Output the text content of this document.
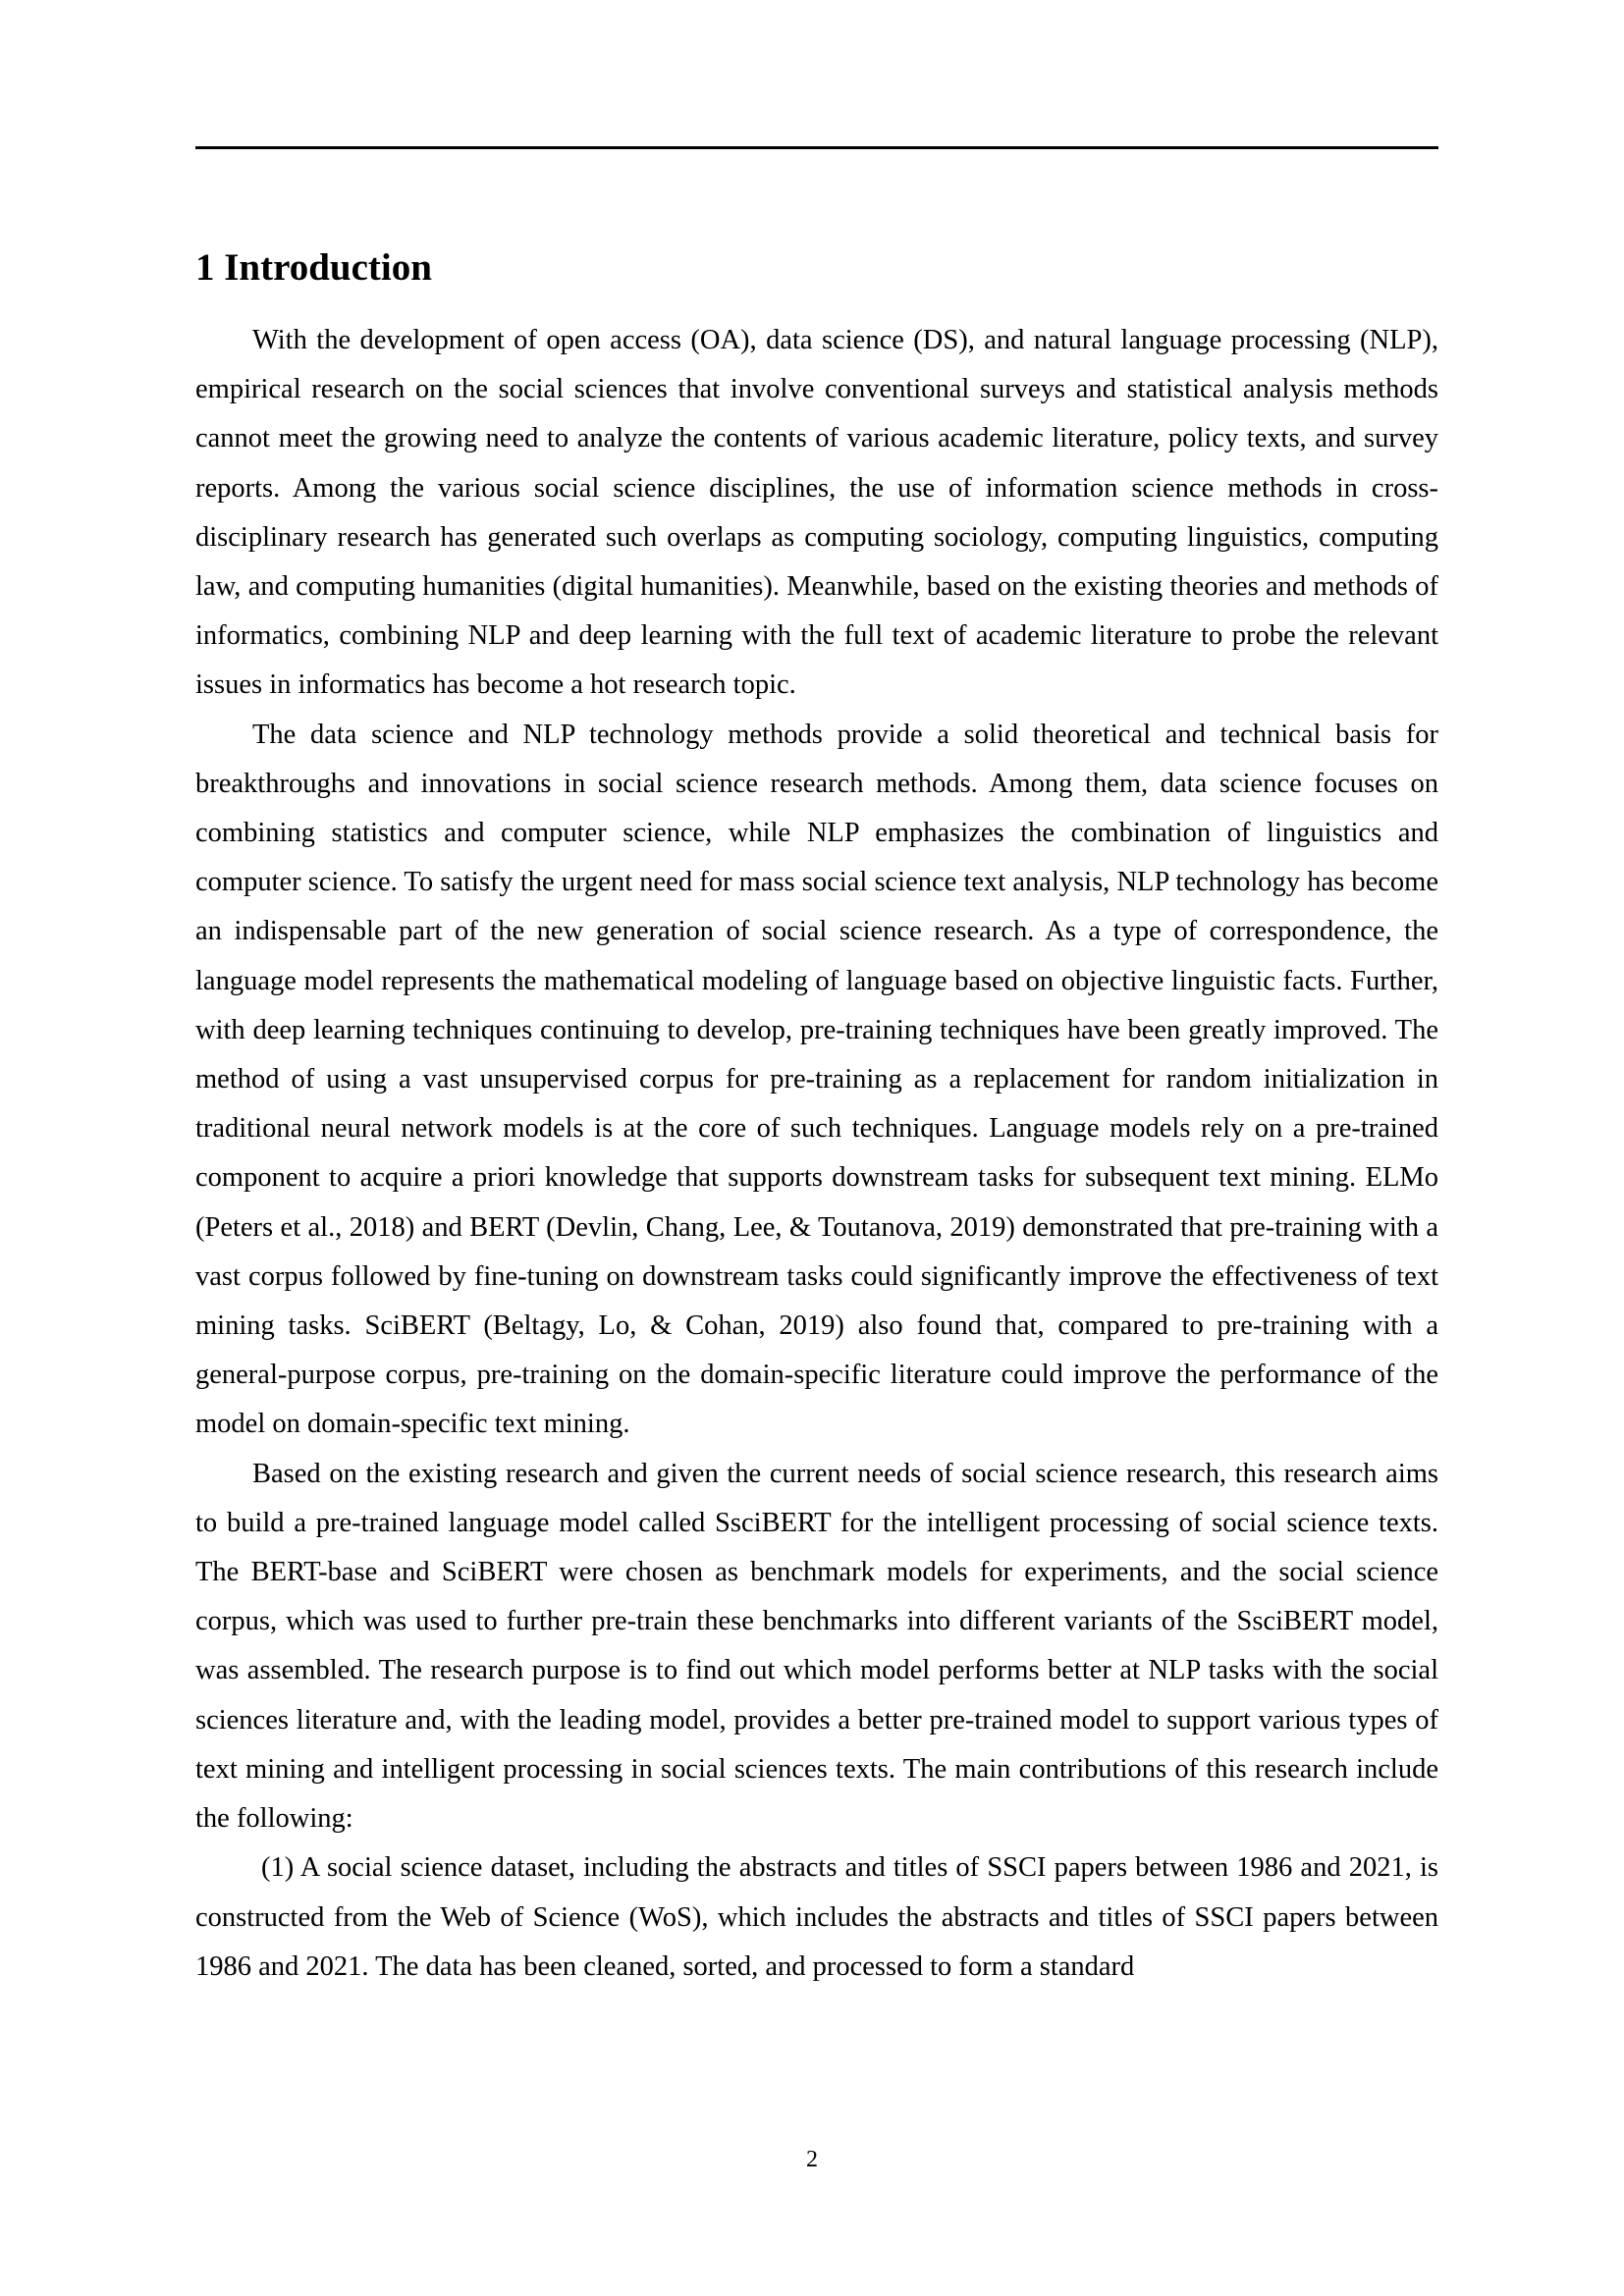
1 Introduction

With the development of open access (OA), data science (DS), and natural language processing (NLP), empirical research on the social sciences that involve conventional surveys and statistical analysis methods cannot meet the growing need to analyze the contents of various academic literature, policy texts, and survey reports. Among the various social science disciplines, the use of information science methods in cross-disciplinary research has generated such overlaps as computing sociology, computing linguistics, computing law, and computing humanities (digital humanities). Meanwhile, based on the existing theories and methods of informatics, combining NLP and deep learning with the full text of academic literature to probe the relevant issues in informatics has become a hot research topic.

The data science and NLP technology methods provide a solid theoretical and technical basis for breakthroughs and innovations in social science research methods. Among them, data science focuses on combining statistics and computer science, while NLP emphasizes the combination of linguistics and computer science. To satisfy the urgent need for mass social science text analysis, NLP technology has become an indispensable part of the new generation of social science research. As a type of correspondence, the language model represents the mathematical modeling of language based on objective linguistic facts. Further, with deep learning techniques continuing to develop, pre-training techniques have been greatly improved. The method of using a vast unsupervised corpus for pre-training as a replacement for random initialization in traditional neural network models is at the core of such techniques. Language models rely on a pre-trained component to acquire a priori knowledge that supports downstream tasks for subsequent text mining. ELMo (Peters et al., 2018) and BERT (Devlin, Chang, Lee, & Toutanova, 2019) demonstrated that pre-training with a vast corpus followed by fine-tuning on downstream tasks could significantly improve the effectiveness of text mining tasks. SciBERT (Beltagy, Lo, & Cohan, 2019) also found that, compared to pre-training with a general-purpose corpus, pre-training on the domain-specific literature could improve the performance of the model on domain-specific text mining.

Based on the existing research and given the current needs of social science research, this research aims to build a pre-trained language model called SsciBERT for the intelligent processing of social science texts. The BERT-base and SciBERT were chosen as benchmark models for experiments, and the social science corpus, which was used to further pre-train these benchmarks into different variants of the SsciBERT model, was assembled. The research purpose is to find out which model performs better at NLP tasks with the social sciences literature and, with the leading model, provides a better pre-trained model to support various types of text mining and intelligent processing in social sciences texts. The main contributions of this research include the following:

(1) A social science dataset, including the abstracts and titles of SSCI papers between 1986 and 2021, is constructed from the Web of Science (WoS), which includes the abstracts and titles of SSCI papers between 1986 and 2021. The data has been cleaned, sorted, and processed to form a standard

2
